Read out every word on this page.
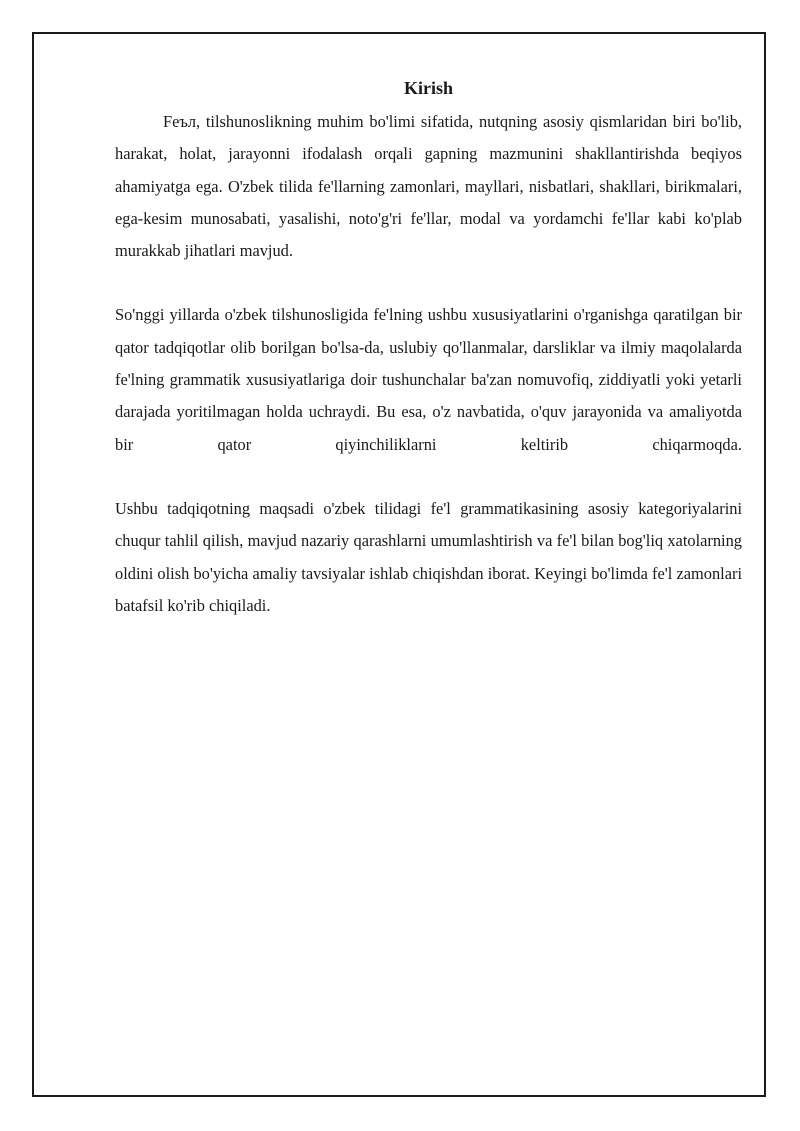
Kirish

Feъл, tilshunoslikning muhim bo'limi sifatida, nutqning asosiy qismlaridan biri bo'lib, harakat, holat, jarayonni ifodalash orqali gapning mazmunini shakllantirishda beqiyos ahamiyatga ega. O'zbek tilida fe'llarning zamonlari, mayllari, nisbatlari, shakllari, birikmalari, ega-kesim munosabati, yasalishi, noto'g'ri fe'llar, modal va yordamchi fe'llar kabi ko'plab murakkab jihatlari mavjud.

So'nggi yillarda o'zbek tilshunosligida fe'lning ushbu xususiyatlarini o'rganishga qaratilgan bir qator tadqiqotlar olib borilgan bo'lsa-da, uslubiy qo'llanmalar, darsliklar va ilmiy maqolalarda fe'lning grammatik xususiyatlariga doir tushunchalar ba'zan nomuvofiq, ziddiyatli yoki yetarli darajada yoritilmagan holda uchraydi. Bu esa, o'z navbatida, o'quv jarayonida va amaliyotda bir qator qiyinchiliklarni keltirib chiqarmoqda.

Ushbu tadqiqotning maqsadi o'zbek tilidagi fe'l grammatikasining asosiy kategoriyalarini chuqur tahlil qilish, mavjud nazariy qarashlarni umumlashtirish va fe'l bilan bog'liq xatolarning oldini olish bo'yicha amaliy tavsiyalar ishlab chiqishdan iborat. Keyingi bo'limda fe'l zamonlari batafsil ko'rib chiqiladi.
